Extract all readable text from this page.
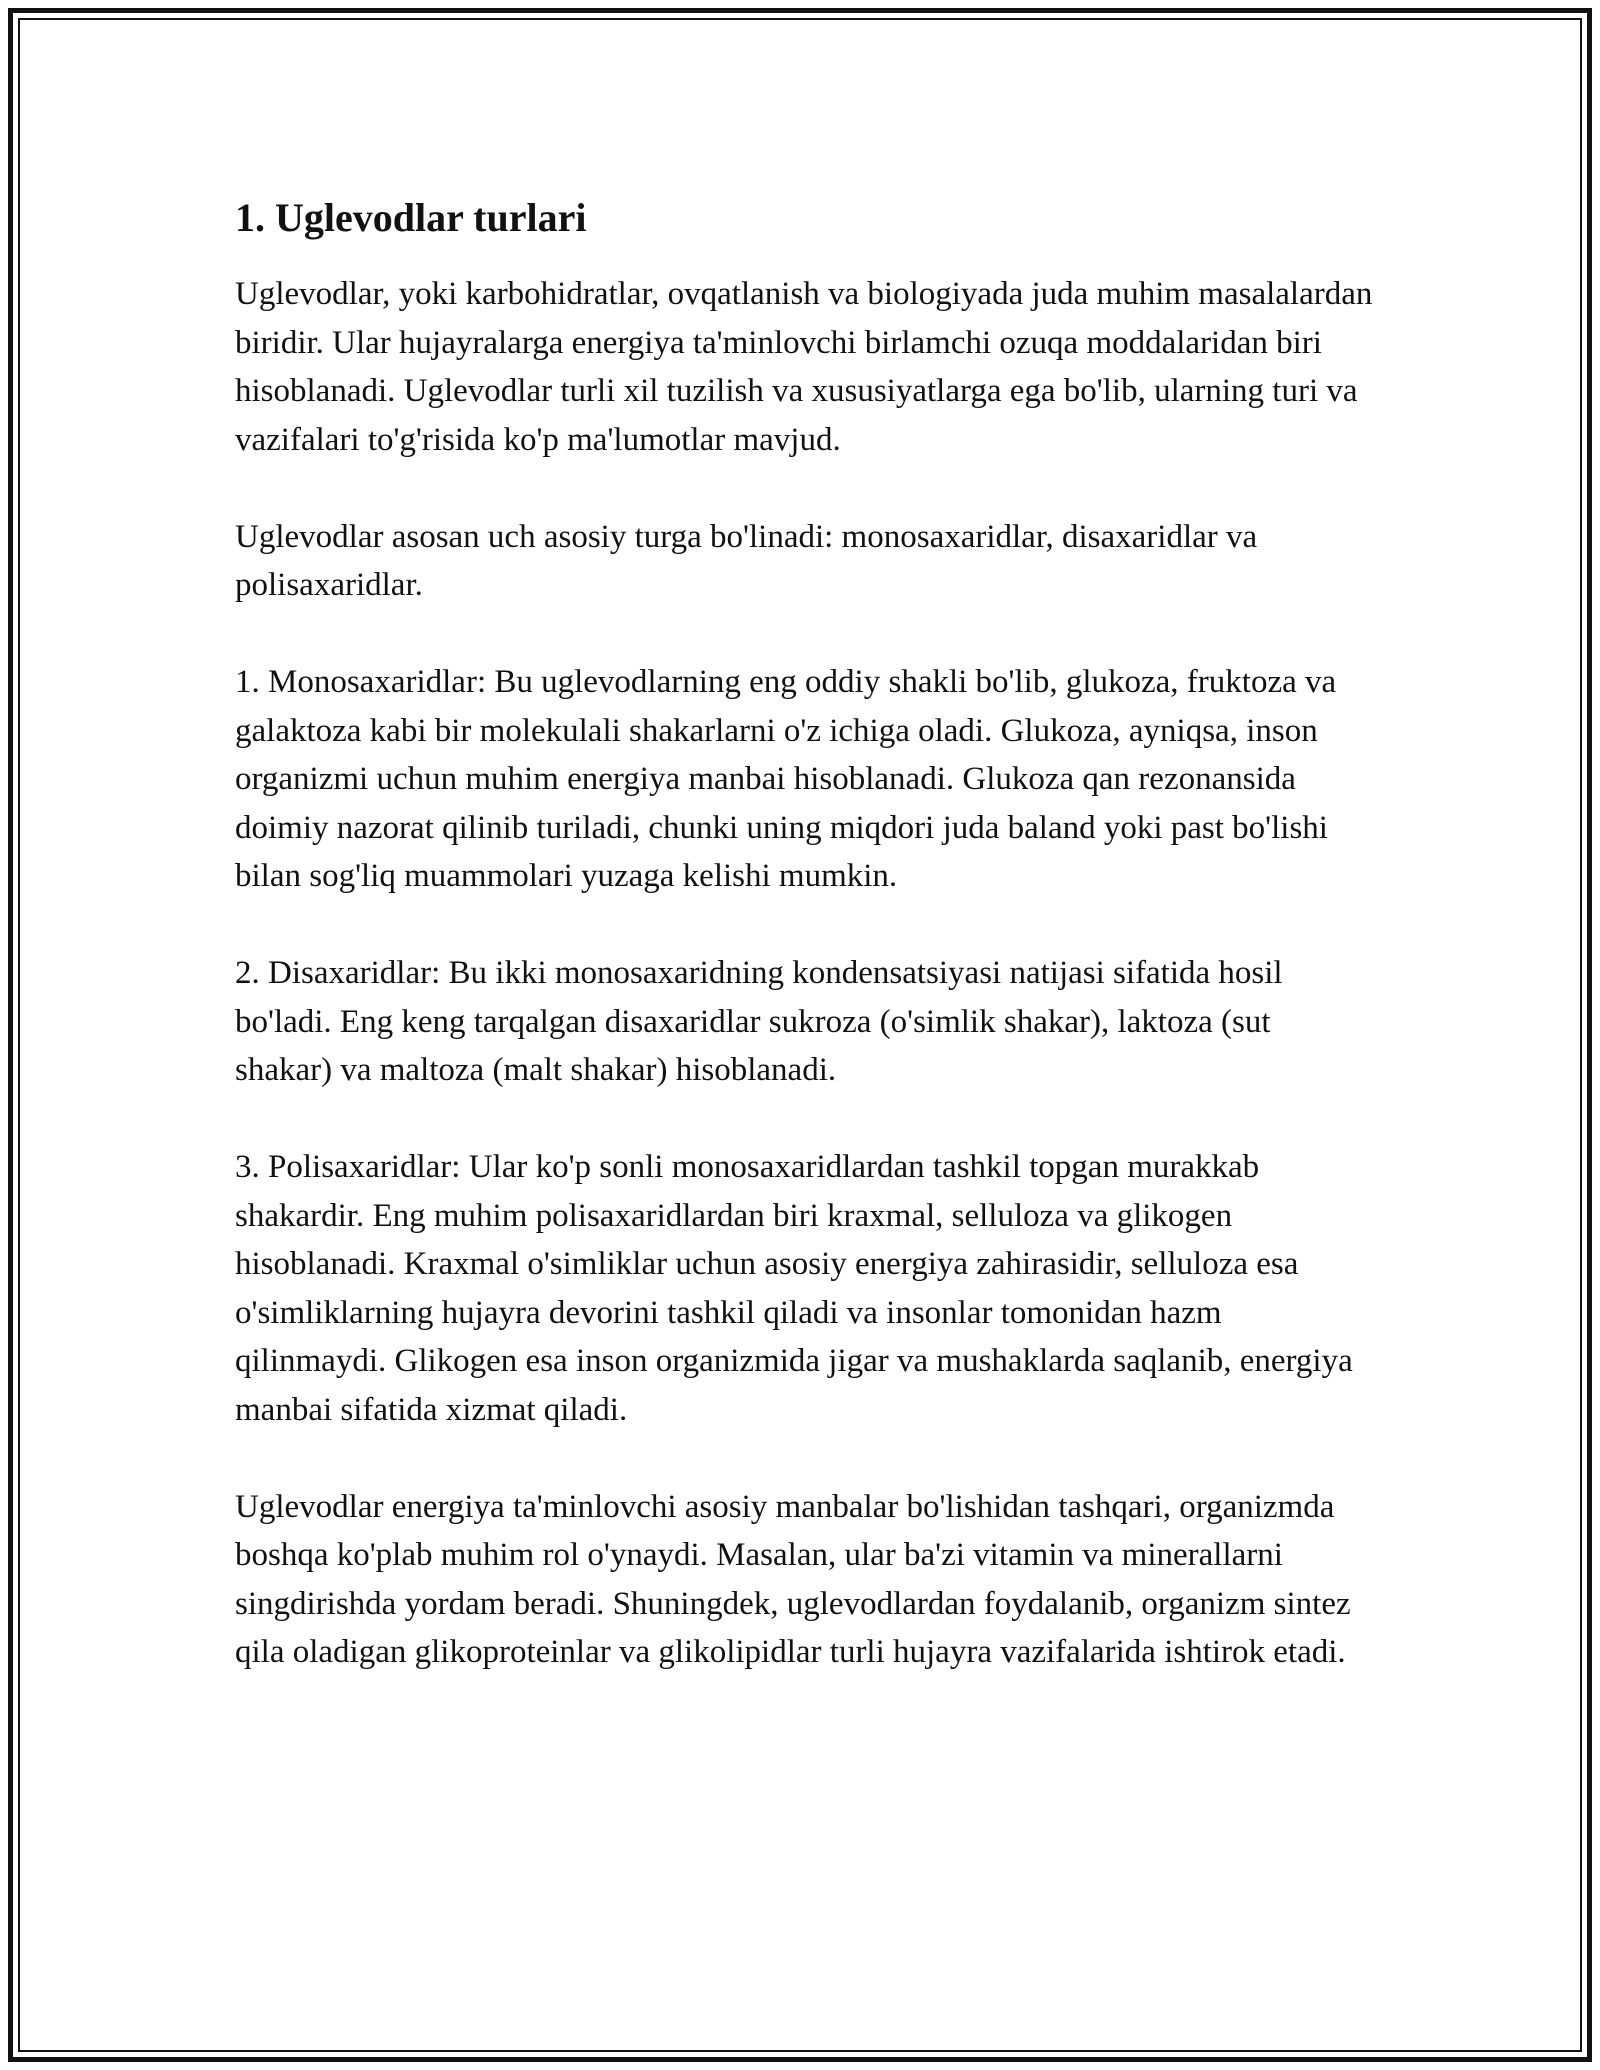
1. Uglevodlar turlari

Uglevodlar, yoki karbohidratlar, ovqatlanish va biologiyada juda muhim masalalardan biridir. Ular hujayralarga energiya ta'minlovchi birlamchi ozuqa moddalaridan biri hisoblanadi. Uglevodlar turli xil tuzilish va xususiyatlarga ega bo'lib, ularning turi va vazifalari to'g'risida ko'p ma'lumotlar mavjud.

Uglevodlar asosan uch asosiy turga bo'linadi: monosaxaridlar, disaxaridlar va polisaxaridlar.

1. Monosaxaridlar: Bu uglevodlarning eng oddiy shakli bo'lib, glukoza, fruktoza va galaktoza kabi bir molekulali shakarlarni o'z ichiga oladi. Glukoza, ayniqsa, inson organizmi uchun muhim energiya manbai hisoblanadi. Glukoza qan rezonansida doimiy nazorat qilinib turiladi, chunki uning miqdori juda baland yoki past bo'lishi bilan sog'liq muammolari yuzaga kelishi mumkin.

2. Disaxaridlar: Bu ikki monosaxaridning kondensatsiyasi natijasi sifatida hosil bo'ladi. Eng keng tarqalgan disaxaridlar sukroza (o'simlik shakar), laktoza (sut shakar) va maltoza (malt shakar) hisoblanadi.

3. Polisaxaridlar: Ular ko'p sonli monosaxaridlardan tashkil topgan murakkab shakardir. Eng muhim polisaxaridlardan biri kraxmal, selluloza va glikogen hisoblanadi. Kraxmal o'simliklar uchun asosiy energiya zahirasidir, selluloza esa o'simliklarning hujayra devorini tashkil qiladi va insonlar tomonidan hazm qilinmaydi. Glikogen esa inson organizmida jigar va mushaklarda saqlanib, energiya manbai sifatida xizmat qiladi.

Uglevodlar energiya ta'minlovchi asosiy manbalar bo'lishidan tashqari, organizmda boshqa ko'plab muhim rol o'ynaydi. Masalan, ular ba'zi vitamin va minerallarni singdirishda yordam beradi. Shuningdek, uglevodlardan foydalanib, organizm sintez qila oladigan glikoproteinlar va glikolipidlar turli hujayra vazifalarida ishtirok etadi.
